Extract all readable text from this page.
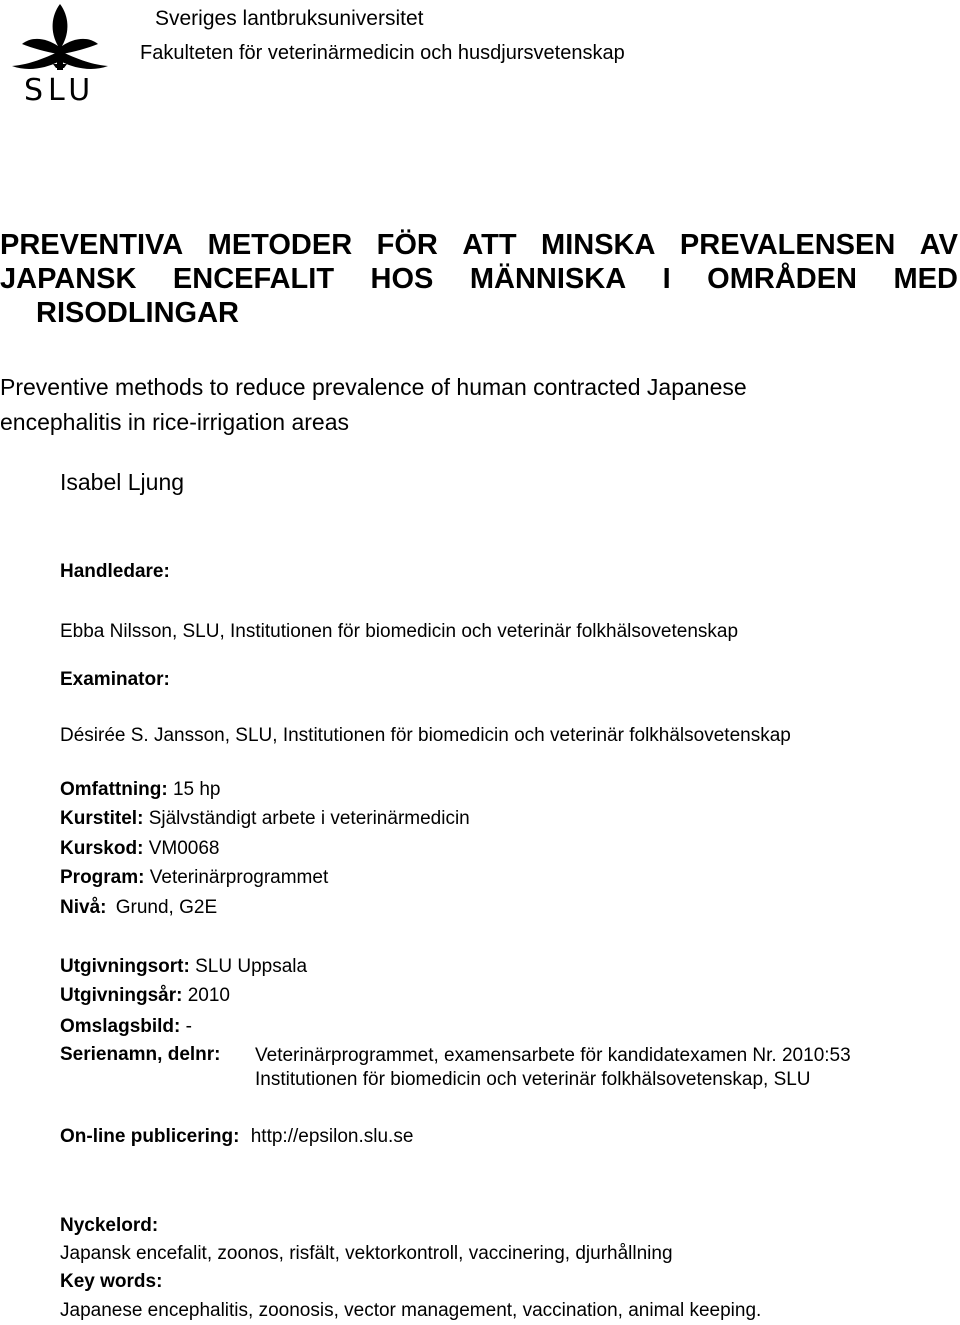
SLU
Sveriges lantbruksuniversitet
Fakulteten för veterinärmedicin och husdjursvetenskap
PREVENTIVA METODER FÖR ATT MINSKA PREVALENSEN AV
JAPANSK ENCEFALIT HOS MÄNNISKA I OMRÅDEN MED
RISODLINGAR
Preventive methods to reduce prevalence of human contracted Japanese
encephalitis in rice-irrigation areas
Isabel Ljung
Handledare:
Ebba Nilsson, SLU, Institutionen för biomedicin och veterinär folkhälsovetenskap
Examinator:
Désirée S. Jansson, SLU, Institutionen för biomedicin och veterinär folkhälsovetenskap
Omfattning: 15 hp
Kurstitel: Självständigt arbete i veterinärmedicin
Kurskod: VM0068
Program: Veterinärprogrammet
Nivå: Grund, G2E
Utgivningsort: SLU Uppsala
Utgivningsår: 2010
Omslagsbild: -
Serienamn, delnr: Veterinärprogrammet, examensarbete för kandidatexamen Nr. 2010:53
Institutionen för biomedicin och veterinär folkhälsovetenskap, SLU
On-line publicering: http://epsilon.slu.se
Nyckelord:
Japansk encefalit, zoonos, risfält, vektorkontroll, vaccinering, djurhållning
Key words:
Japanese encephalitis, zoonosis, vector management, vaccination, animal keeping.
